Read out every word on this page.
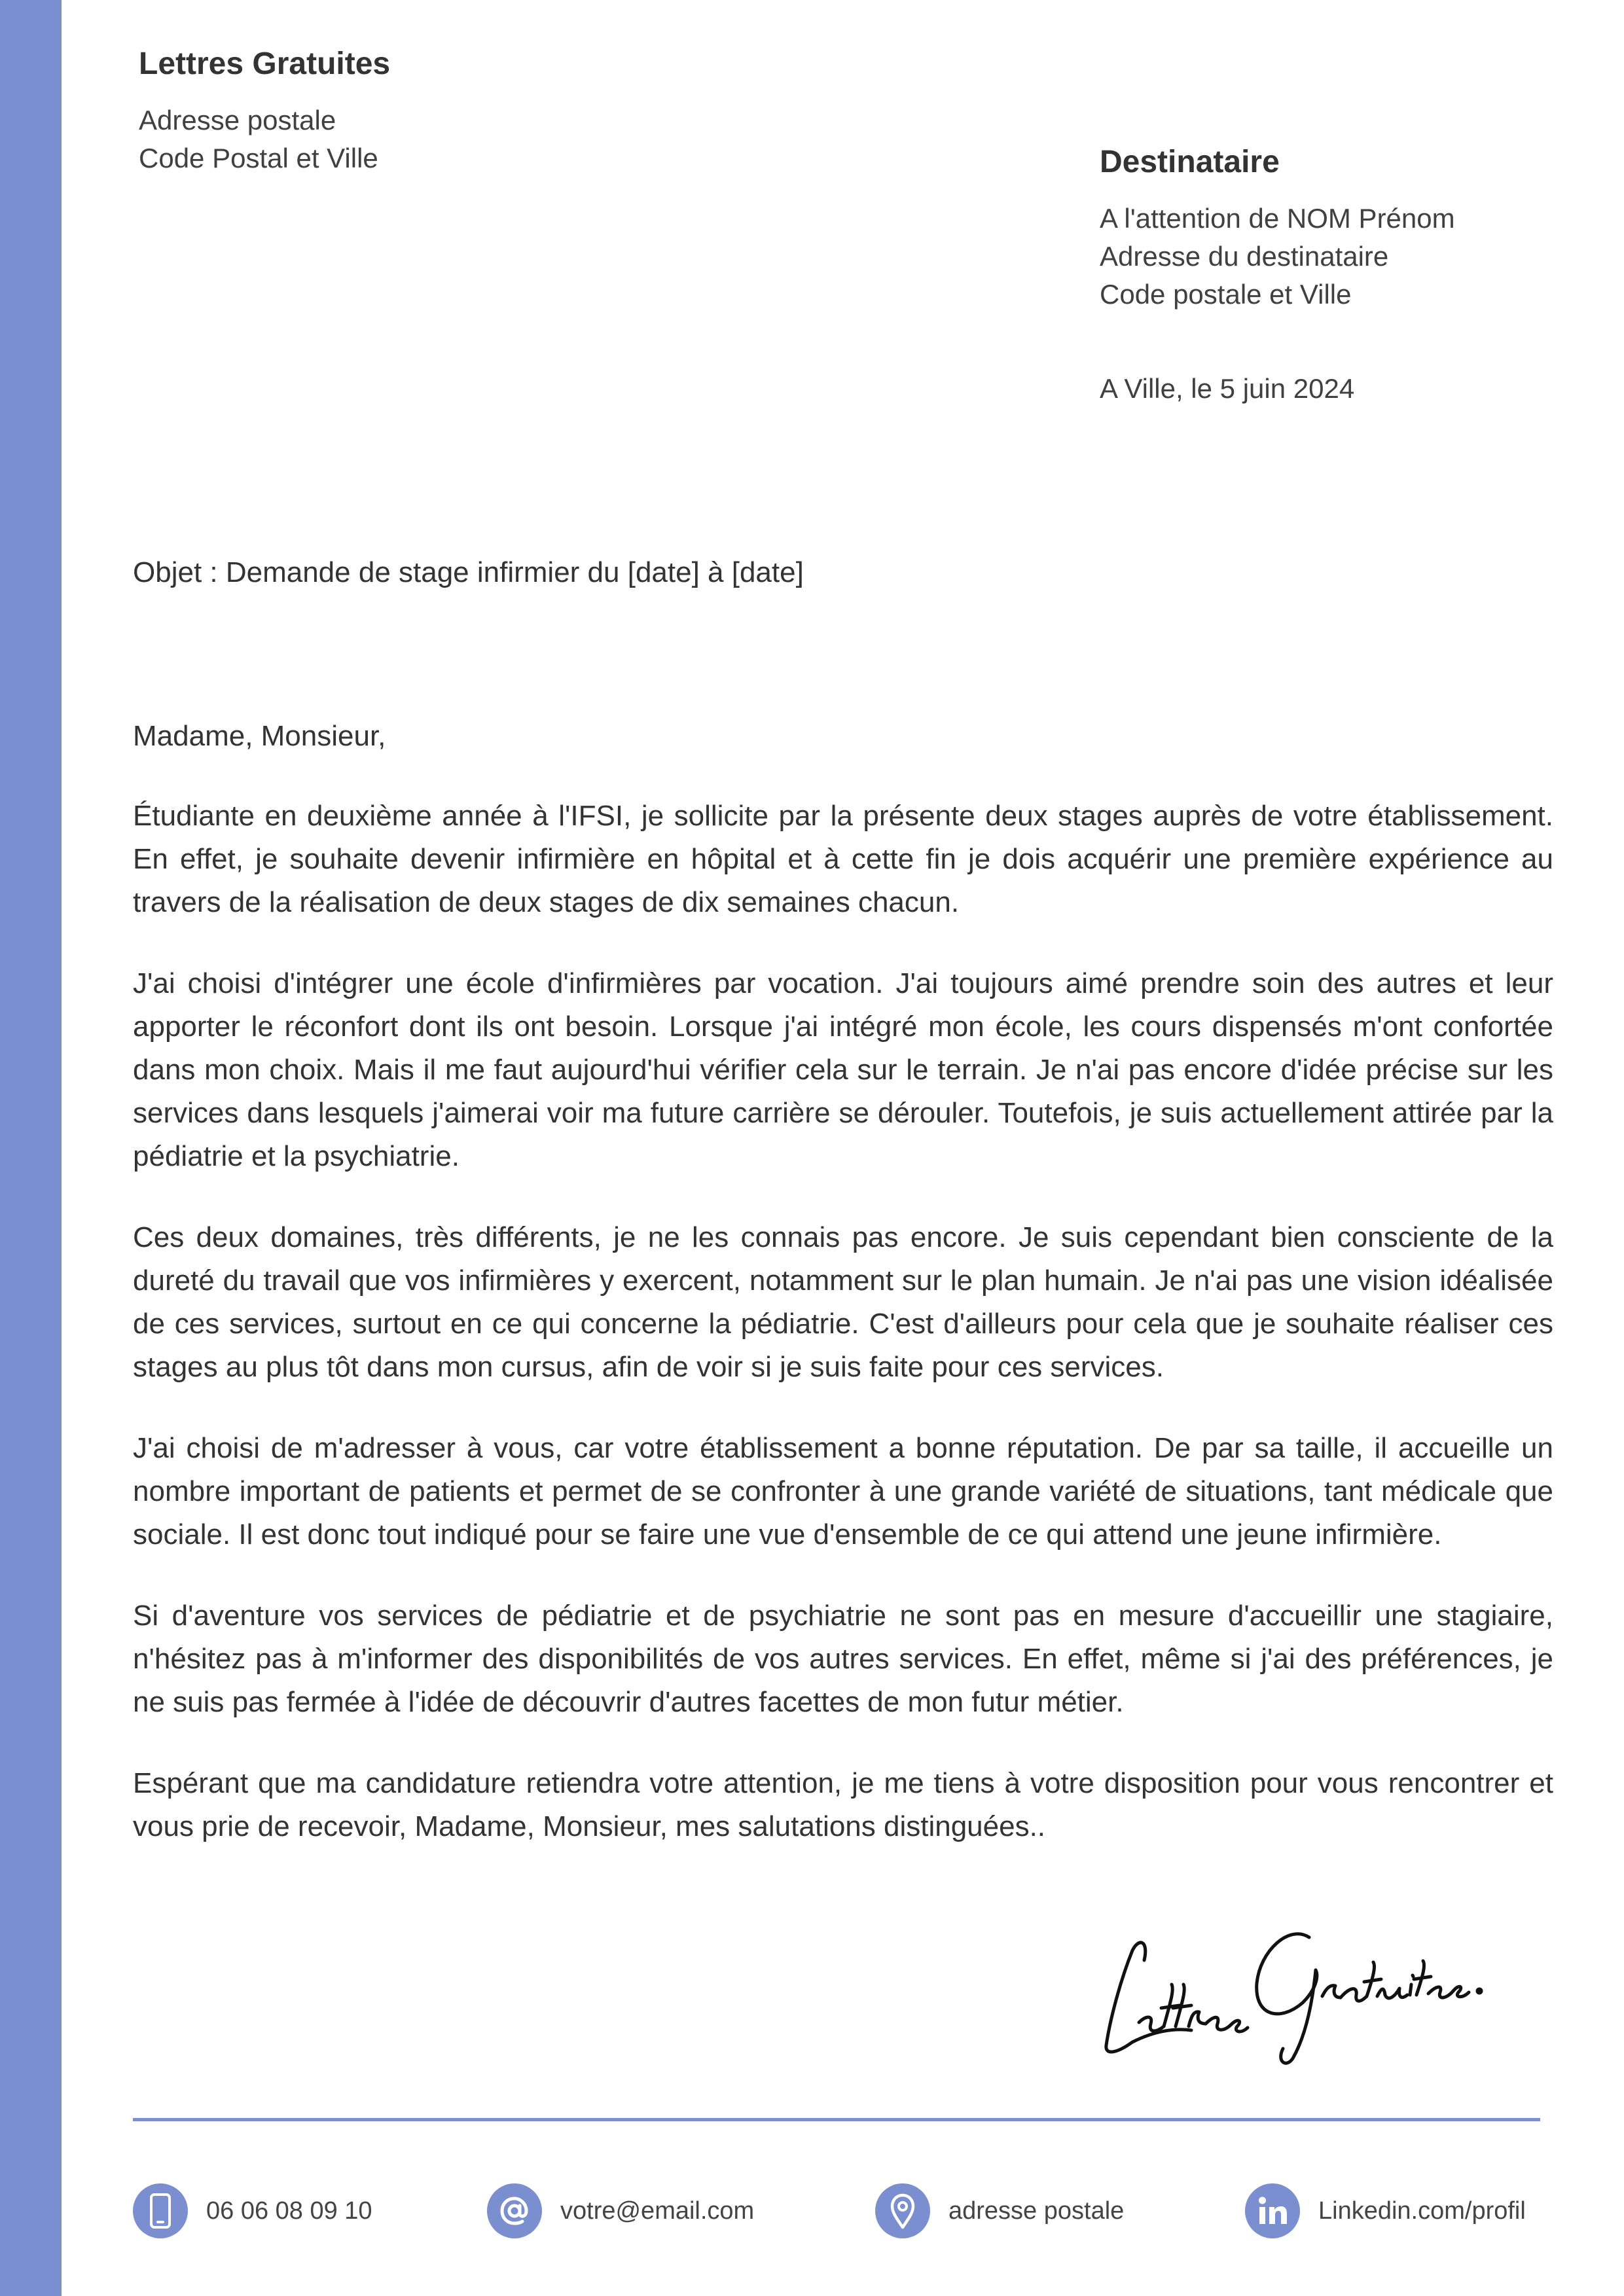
Lettres Gratuites
Adresse postale
Code Postal et Ville	Destinataire
A l'attention de NOM Prénom
Adresse du destinataire
Code postale et Ville
A Ville, le 5 juin 2024
Objet : Demande de stage infirmier du [date] à [date]

Madame, Monsieur,

Étudiante en deuxième année à l'IFSI, je sollicite par la présente deux stages auprès de votre établissement. En effet, je souhaite devenir infirmière en hôpital et à cette fin je dois acquérir une première expérience au travers de la réalisation de deux stages de dix semaines chacun.

J'ai choisi d'intégrer une école d'infirmières par vocation. J'ai toujours aimé prendre soin des autres et leur apporter le réconfort dont ils ont besoin. Lorsque j'ai intégré mon école, les cours dispensés m'ont confortée dans mon choix. Mais il me faut aujourd'hui vérifier cela sur le terrain. Je n'ai pas encore d'idée précise sur les services dans lesquels j'aimerai voir ma future carrière se dérouler. Toutefois, je suis actuellement attirée par la pédiatrie et la psychiatrie.

Ces deux domaines, très différents, je ne les connais pas encore. Je suis cependant bien consciente de la dureté du travail que vos infirmières y exercent, notamment sur le plan humain. Je n'ai pas une vision idéalisée de ces services, surtout en ce qui concerne la pédiatrie. C'est d'ailleurs pour cela que je souhaite réaliser ces stages au plus tôt dans mon cursus, afin de voir si je suis faite pour ces services.

J'ai choisi de m'adresser à vous, car votre établissement a bonne réputation. De par sa taille, il accueille un nombre important de patients et permet de se confronter à une grande variété de situations, tant médicale que sociale. Il est donc tout indiqué pour se faire une vue d'ensemble de ce qui attend une jeune infirmière.

Si d'aventure vos services de pédiatrie et de psychiatrie ne sont pas en mesure d'accueillir une stagiaire, n'hésitez pas à m'informer des disponibilités de vos autres services. En effet, même si j'ai des préférences, je ne suis pas fermée à l'idée de découvrir d'autres facettes de mon futur métier.

Espérant que ma candidature retiendra votre attention, je me tiens à votre disposition pour vous rencontrer et vous prie de recevoir, Madame, Monsieur, mes salutations distinguées..

06 06 08 09 10	votre@email.com	adresse postale	Linkedin.com/profil
